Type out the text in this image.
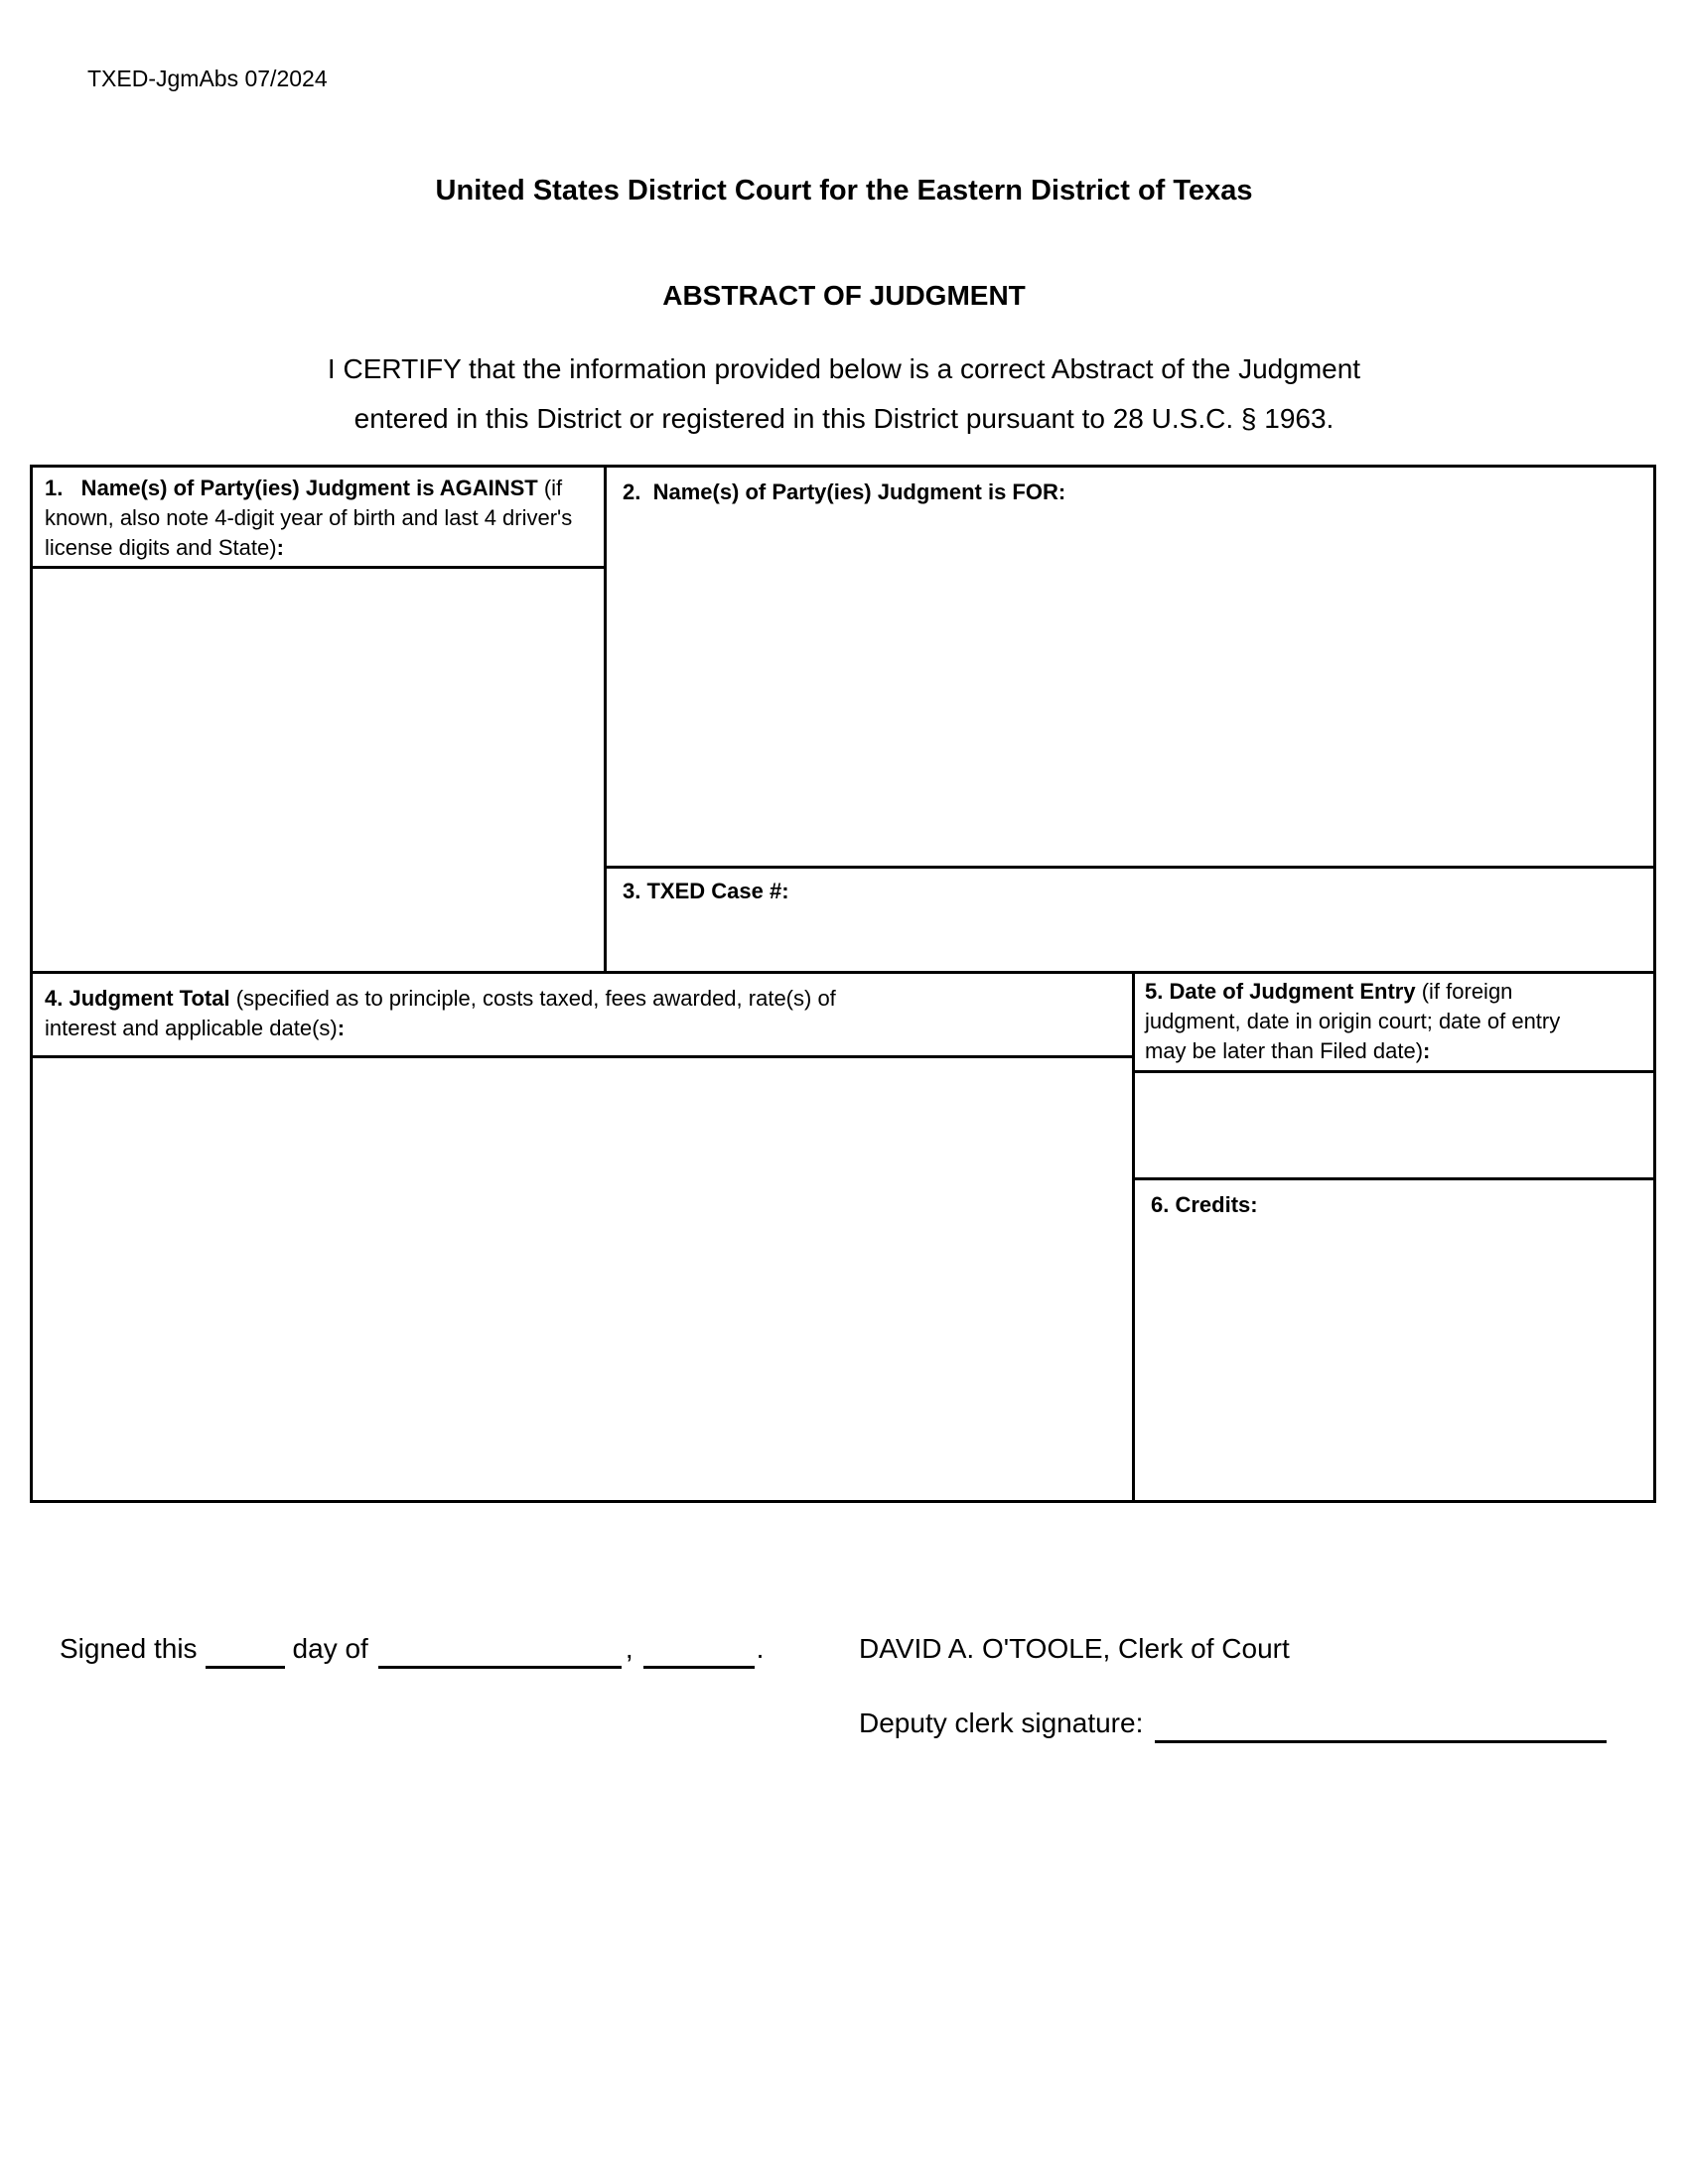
TXED-JgmAbs 07/2024
United States District Court for the Eastern District of Texas
ABSTRACT OF JUDGMENT
I CERTIFY that the information provided below is a correct Abstract of the Judgment
entered in this District or registered in this District pursuant to 28 U.S.C. § 1963.
1.   Name(s) of Party(ies) Judgment is AGAINST (if known, also note 4-digit year of birth and last 4 driver's license digits and State):
2.  Name(s) of Party(ies) Judgment is FOR:
3. TXED Case #:
4. Judgment Total (specified as to principle, costs taxed, fees awarded, rate(s) of interest and applicable date(s):
5. Date of Judgment Entry (if foreign judgment, date in origin court; date of entry may be later than Filed date):
6. Credits:
Signed this	day of	,	.	DAVID A. O'TOOLE, Clerk of Court
Deputy clerk signature:
